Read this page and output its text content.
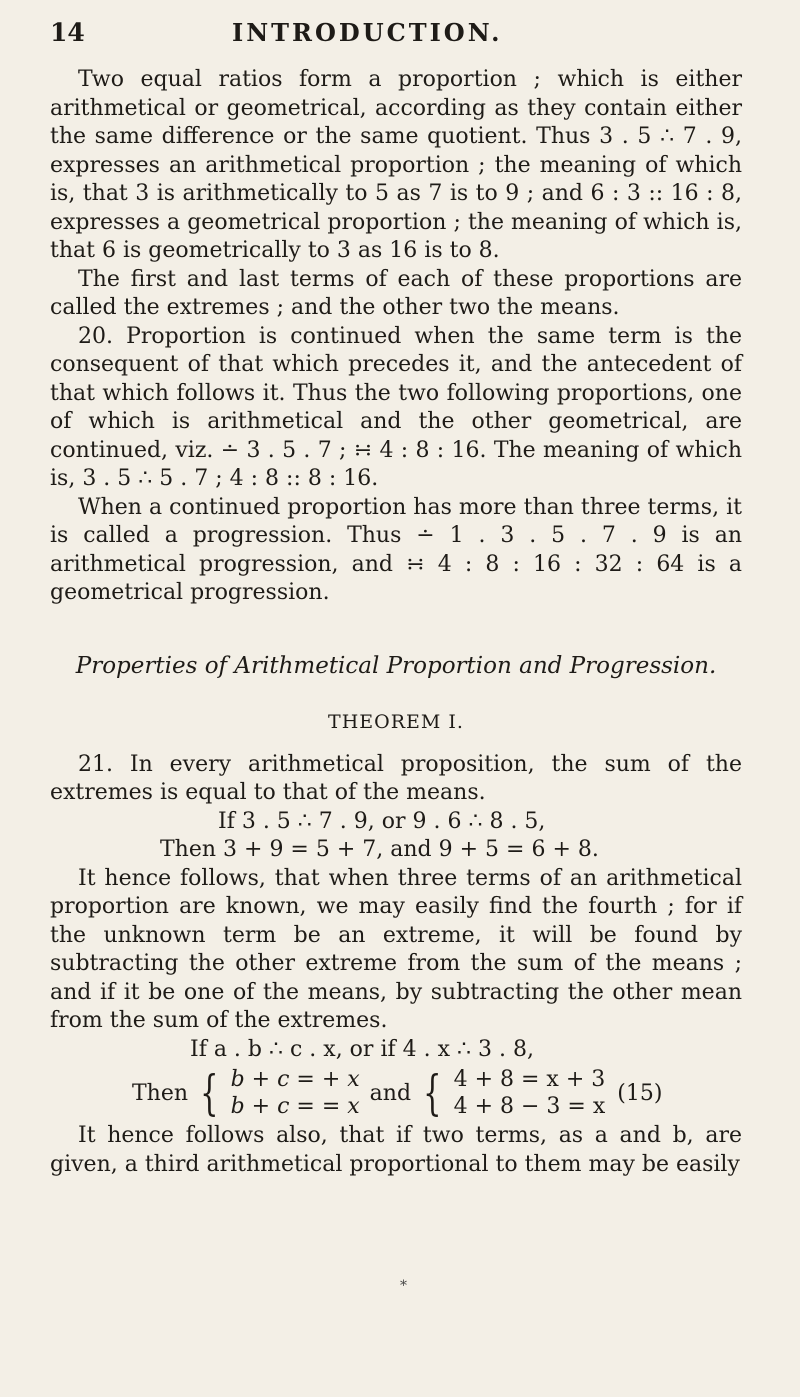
14	INTRODUCTION.

Two equal ratios form a proportion ; which is either arithmetical or geometrical, according as they contain either the same difference or the same quotient. Thus 3 . 5 ∴ 7 . 9, expresses an arithmetical proportion ; the meaning of which is, that 3 is arithmetically to 5 as 7 is to 9 ; and 6 : 3 :: 16 : 8, expresses a geometrical proportion ; the meaning of which is, that 6 is geometrically to 3 as 16 is to 8.

The first and last terms of each of these proportions are called the extremes ; and the other two the means.

20. Proportion is continued when the same term is the consequent of that which precedes it, and the antecedent of that which follows it. Thus the two following proportions, one of which is arithmetical and the other geometrical, are continued, viz. ∸ 3 . 5 . 7 ; ∺ 4 : 8 : 16. The meaning of which is, 3 . 5 ∴ 5 . 7 ; 4 : 8 :: 8 : 16.

When a continued proportion has more than three terms, it is called a progression. Thus ∸ 1 . 3 . 5 . 7 . 9 is an arithmetical progression, and ∺ 4 : 8 : 16 : 32 : 64 is a geometrical progression.

Properties of Arithmetical Proportion and Progression.

THEOREM I.

21. In every arithmetical proposition, the sum of the extremes is equal to that of the means.

If 3 . 5 ∴ 7 . 9, or 9 . 6 ∴ 8 . 5,

Then 3 + 9 = 5 + 7, and 9 + 5 = 6 + 8.

It hence follows, that when three terms of an arithmetical proportion are known, we may easily find the fourth ; for if the unknown term be an extreme, it will be found by subtracting the other extreme from the sum of the means ; and if it be one of the means, by subtracting the other mean from the sum of the extremes.

If a . b ∴ c . x, or if 4 . x ∴ 3 . 8,

Then { b + c = + x
b + c = = x
and { 4 + 8 = x + 3
4 + 8 − 3 = x
(15)

It hence follows also, that if two terms, as a and b, are given, a third arithmetical proportional to them may be easily

*
